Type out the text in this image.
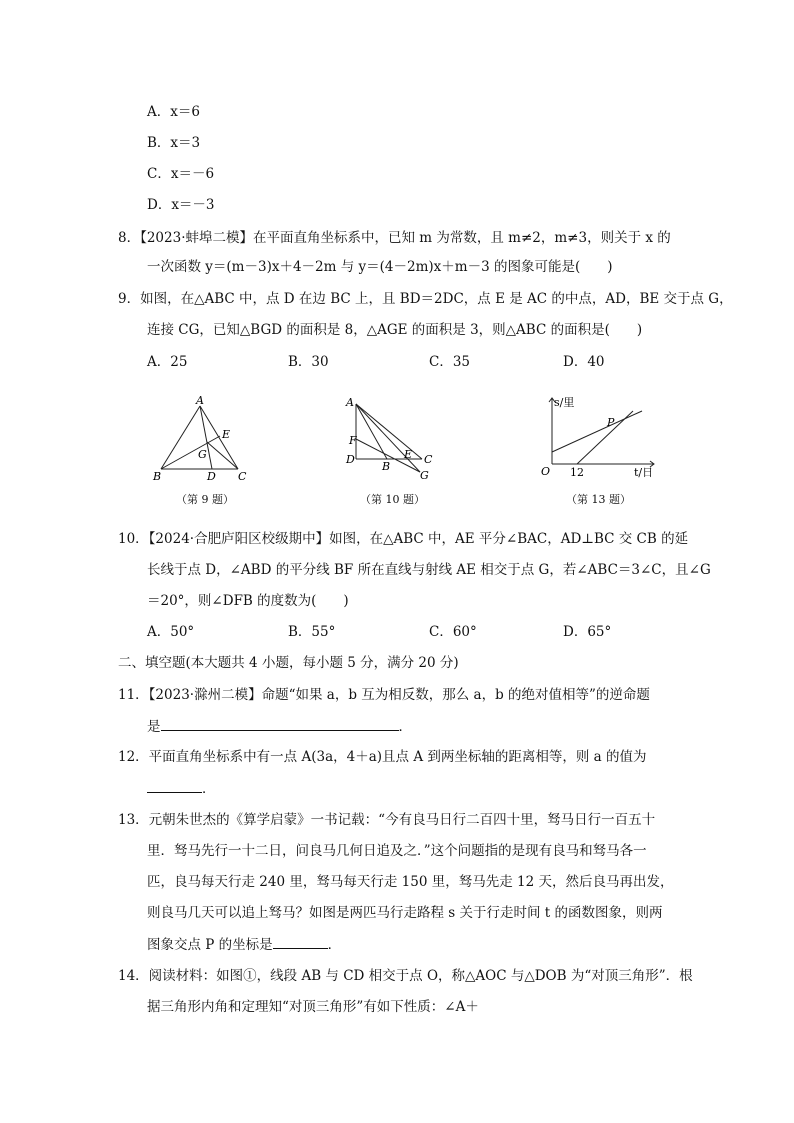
A．x＝6
B．x＝3
C．x＝－6
D．x＝－3
8．【2023·蚌埠二模】在平面直角坐标系中，已知 m 为常数，且 m≠2，m≠3，则关于 x 的
一次函数 y＝(m－3)x＋4－2m 与 y＝(4－2m)x＋m－3 的图象可能是(　　)
9．如图，在△ABC 中，点 D 在边 BC 上，且 BD＝2DC，点 E 是 AC 的中点，AD，BE 交于点 G，
连接 CG，已知△BGD 的面积是 8，△AGE 的面积是 3，则△ABC 的面积是(　　)
A．25	B．30	C．35	D．40
A
B	C
D
E
G
（第 9 题）
A
F
D
B
E C
G
（第 10 题）
s/里
O 12
P
t/日
（第 13 题）
10．【2024·合肥庐阳区校级期中】如图，在△ABC 中，AE 平分∠BAC，AD⊥BC 交 CB 的延
长线于点 D，∠ABD 的平分线 BF 所在直线与射线 AE 相交于点 G，若∠ABC＝3∠C，且∠G
＝20°，则∠DFB 的度数为(　　)
A．50°	B．55°	C．60°	D．65°
二、填空题(本大题共 4 小题，每小题 5 分，满分 20 分)
11．【2023·滁州二模】命题“如果 a，b 互为相反数，那么 a，b 的绝对值相等”的逆命题
是	．
12．平面直角坐标系中有一点 A(3a，4＋a)且点 A 到两坐标轴的距离相等，则 a 的值为
．
13．元朝朱世杰的《算学启蒙》一书记载：“今有良马日行二百四十里，驽马日行一百五十
里．驽马先行一十二日，问良马几何日追及之．”这个问题指的是现有良马和驽马各一
匹，良马每天行走 240 里，驽马每天行走 150 里，驽马先走 12 天，然后良马再出发，
则良马几天可以追上驽马？如图是两匹马行走路程 s 关于行走时间 t 的函数图象，则两
图象交点 P 的坐标是	．
14．阅读材料：如图①，线段 AB 与 CD 相交于点 O，称△AOC 与△DOB 为“对顶三角形”．根
据三角形内角和定理知“对顶三角形”有如下性质：∠A＋
